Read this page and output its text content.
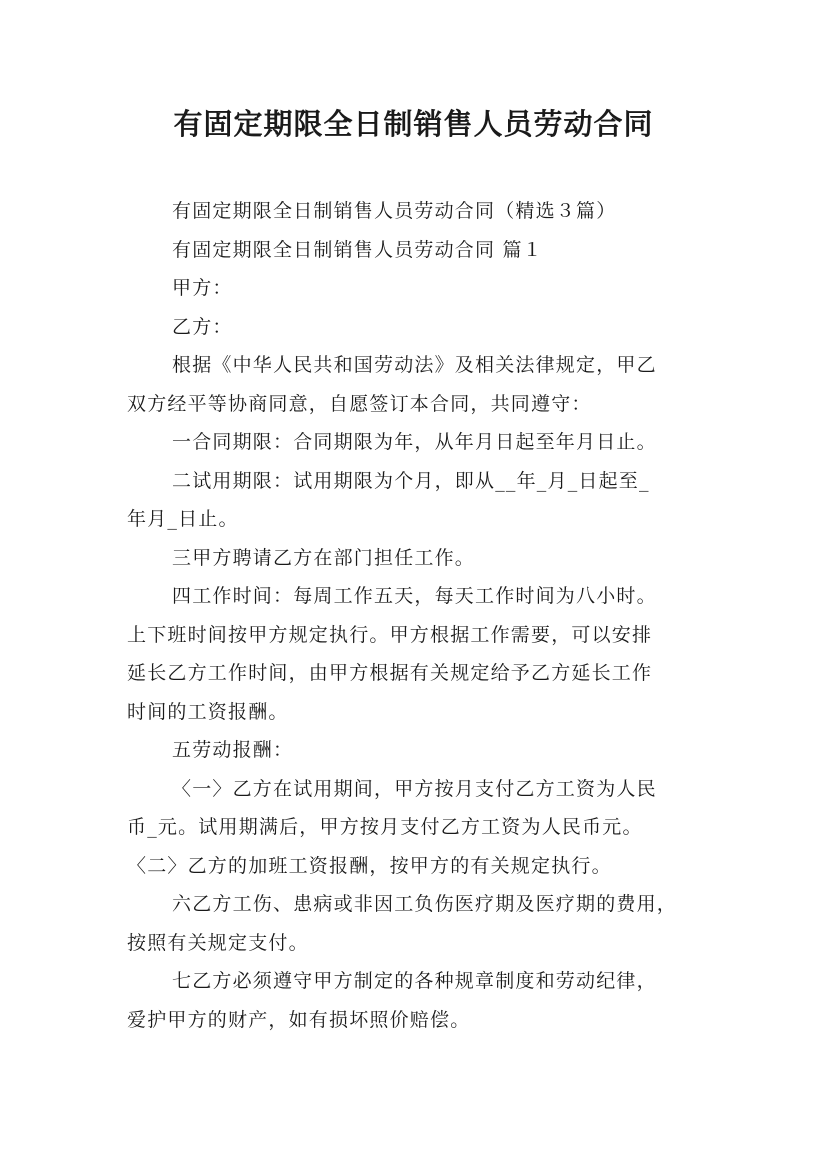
有固定期限全日制销售人员劳动合同

有固定期限全日制销售人员劳动合同（精选３篇）

有固定期限全日制销售人员劳动合同 篇１

甲方：

乙方：

根据《中华人民共和国劳动法》及相关法律规定，甲乙

双方经平等协商同意，自愿签订本合同，共同遵守：

一合同期限：合同期限为年，从年月日起至年月日止。

二试用期限：试用期限为个月，即从__年_月_日起至_

年月_日止。

三甲方聘请乙方在部门担任工作。

四工作时间：每周工作五天，每天工作时间为八小时。

上下班时间按甲方规定执行。甲方根据工作需要，可以安排

延长乙方工作时间，由甲方根据有关规定给予乙方延长工作

时间的工资报酬。

五劳动报酬：

〈一〉乙方在试用期间，甲方按月支付乙方工资为人民

币_元。试用期满后，甲方按月支付乙方工资为人民币元。

〈二〉乙方的加班工资报酬，按甲方的有关规定执行。

六乙方工伤、患病或非因工负伤医疗期及医疗期的费用，

按照有关规定支付。

七乙方必须遵守甲方制定的各种规章制度和劳动纪律，

爱护甲方的财产，如有损坏照价赔偿。
